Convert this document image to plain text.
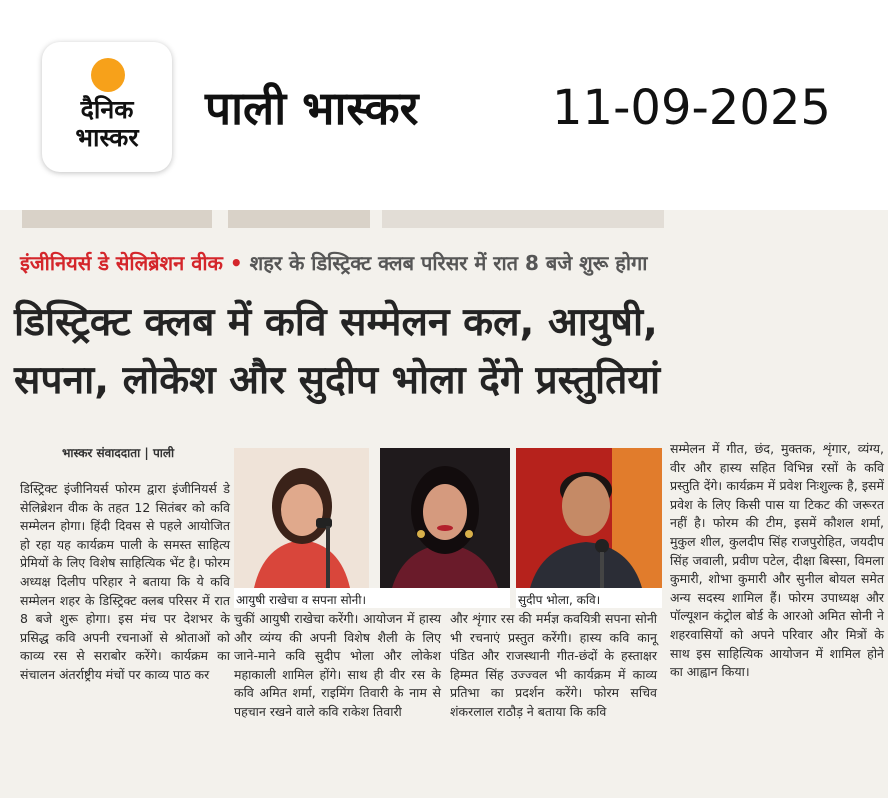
दैनिक
भास्कर
पाली भास्कर	11-09-2025
इंजीनियर्स डे सेलिब्रेशन वीक • शहर के डिस्ट्रिक्ट क्लब परिसर में रात 8 बजे शुरू होगा
डिस्ट्रिक्ट क्लब में कवि सम्मेलन कल, आयुषी,
सपना, लोकेश और सुदीप भोला देंगे प्रस्तुतियां
भास्कर संवाददाता | पाली
डिस्ट्रिक्ट इंजीनियर्स फोरम द्वारा इंजीनियर्स डे सेलिब्रेशन वीक के तहत 12 सितंबर को कवि सम्मेलन होगा। हिंदी दिवस से पहले आयोजित हो रहा यह कार्यक्रम पाली के समस्त साहित्य प्रेमियों के लिए विशेष साहित्यिक भेंट है। फोरम अध्यक्ष दिलीप परिहार ने बताया कि ये कवि सम्मेलन शहर के डिस्ट्रिक्ट क्लब परिसर में रात 8 बजे शुरू होगा। इस मंच पर देशभर के प्रसिद्ध कवि अपनी रचनाओं से श्रोताओं को काव्य रस से सराबोर करेंगे। कार्यक्रम का संचालन अंतर्राष्ट्रीय मंचों पर काव्य पाठ कर
आयुषी राखेचा व सपना सोनी।	सुदीप भोला, कवि।
चुकीं आयुषी राखेचा करेंगी। आयोजन में हास्य और व्यंग्य की अपनी विशेष शैली के लिए जाने-माने कवि सुदीप भोला और लोकेश महाकाली शामिल होंगे। साथ ही वीर रस के कवि अमित शर्मा, राइमिंग तिवारी के नाम से पहचान रखने वाले कवि राकेश तिवारी
और शृंगार रस की मर्मज्ञ कवयित्री सपना सोनी भी रचनाएं प्रस्तुत करेंगी। हास्य कवि कानू पंडित और राजस्थानी गीत-छंदों के हस्ताक्षर हिम्मत सिंह उज्ज्वल भी कार्यक्रम में काव्य प्रतिभा का प्रदर्शन करेंगे। फोरम सचिव शंकरलाल राठौड़ ने बताया कि कवि
सम्मेलन में गीत, छंद, मुक्तक, शृंगार, व्यंग्य, वीर और हास्य सहित विभिन्न रसों के कवि प्रस्तुति देंगे। कार्यक्रम में प्रवेश निःशुल्क है, इसमें प्रवेश के लिए किसी पास या टिकट की जरूरत नहीं है। फोरम की टीम, इसमें कौशल शर्मा, मुकुल शील, कुलदीप सिंह राजपुरोहित, जयदीप सिंह जवाली, प्रवीण पटेल, दीक्षा बिस्सा, विमला कुमारी, शोभा कुमारी और सुनील बोयल समेत अन्य सदस्य शामिल हैं। फोरम उपाध्यक्ष और पॉल्यूशन कंट्रोल बोर्ड के आरओ अमित सोनी ने शहरवासियों को अपने परिवार और मित्रों के साथ इस साहित्यिक आयोजन में शामिल होने का आह्वान किया।
